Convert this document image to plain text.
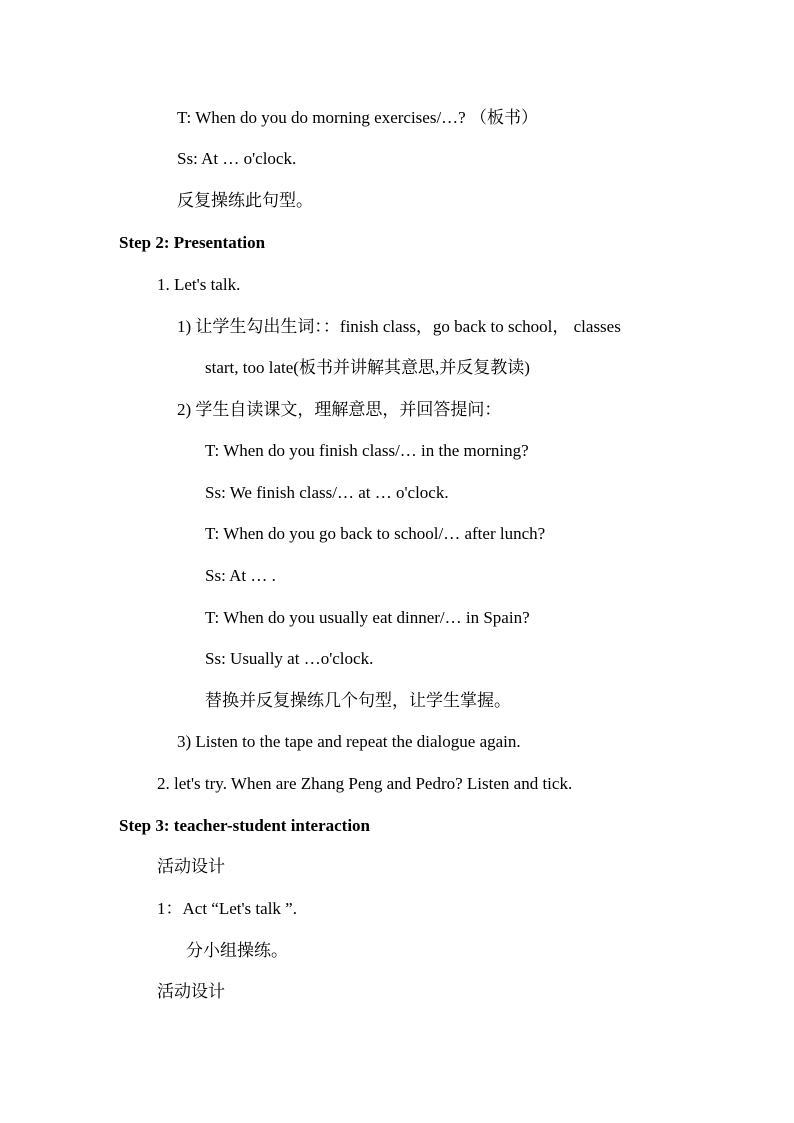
T: When do you do morning exercises/…? （板书）
Ss: At … o'clock.
反复操练此句型。
Step 2: Presentation
1. Let's talk.
1) 让学生勾出生词：：finish class，go back to school， classes
start, too late(板书并讲解其意思,并反复教读)
2) 学生自读课文，理解意思，并回答提问：
T: When do you finish class/… in the morning?
Ss: We finish class/… at … o'clock.
T: When do you go back to school/… after lunch?
Ss: At … .
T: When do you usually eat dinner/… in Spain?
Ss: Usually at …o'clock.
替换并反复操练几个句型，让学生掌握。
3) Listen to the tape and repeat the dialogue again.
2. let's try. When are Zhang Peng and Pedro? Listen and tick.
Step 3: teacher-student interaction
活动设计
1：Act “Let's talk ”.
分小组操练。
活动设计
